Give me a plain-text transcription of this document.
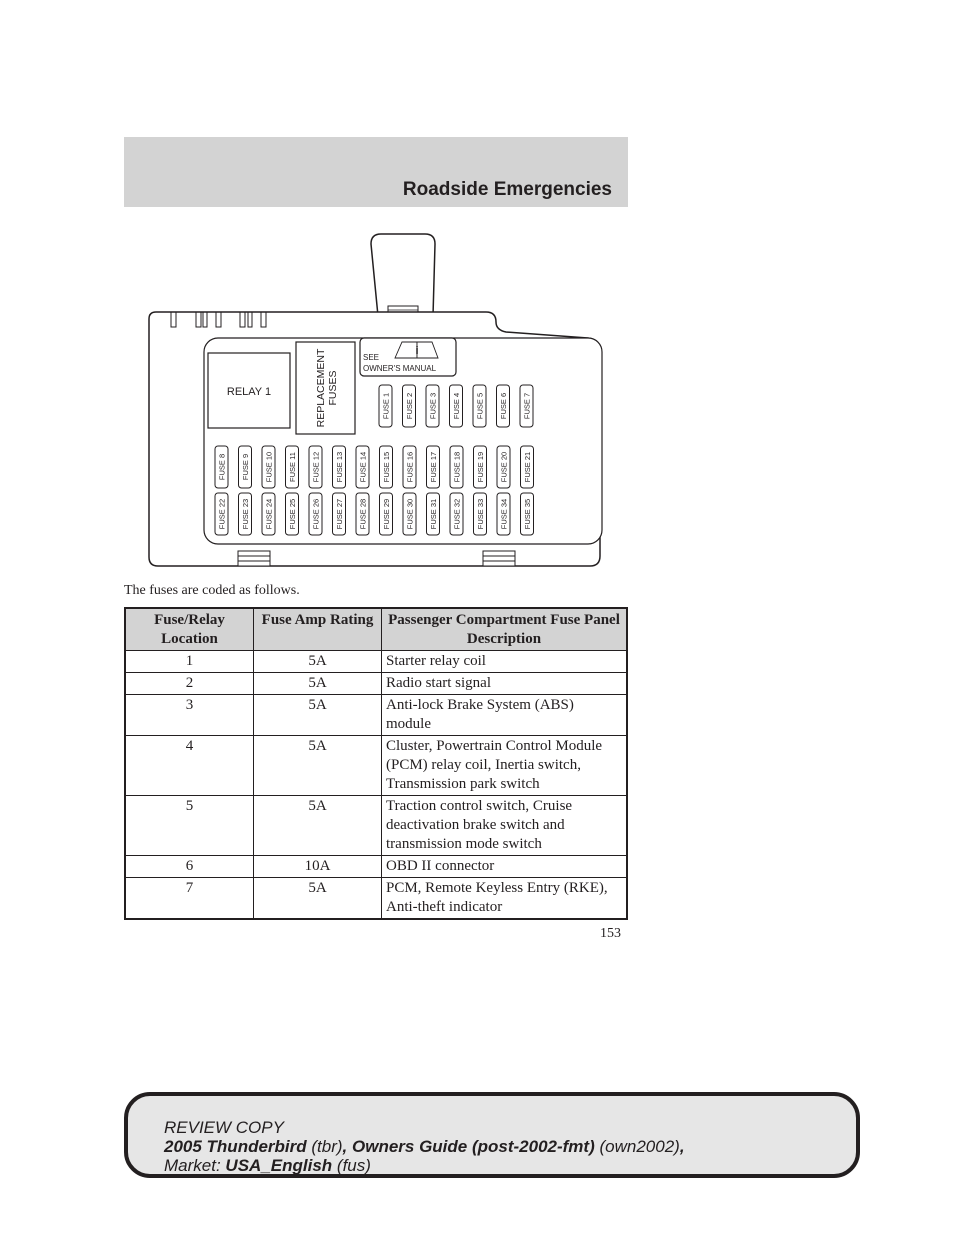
Roadside Emergencies
RELAY 1	REPLACEMENT FUSES
SEE
OWNER'S MANUAL
i
FUSE 1 FUSE 2 FUSE 3 FUSE 4 FUSE 5 FUSE 6 FUSE 7
FUSE 8 FUSE 9 FUSE 10 FUSE 11 FUSE 12 FUSE 13 FUSE 14 FUSE 15 FUSE 16 FUSE 17 FUSE 18 FUSE 19 FUSE 20 FUSE 21
FUSE 22 FUSE 23 FUSE 24 FUSE 25 FUSE 26 FUSE 27 FUSE 28 FUSE 29 FUSE 30 FUSE 31 FUSE 32 FUSE 33 FUSE 34 FUSE 35
The fuses are coded as follows.
Fuse/Relay Location	Fuse Amp Rating	Passenger Compartment Fuse Panel Description
1	5A	Starter relay coil
2	5A	Radio start signal
3	5A	Anti-lock Brake System (ABS) module
4	5A	Cluster, Powertrain Control Module (PCM) relay coil, Inertia switch, Transmission park switch
5	5A	Traction control switch, Cruise deactivation brake switch and transmission mode switch
6	10A	OBD II connector
7	5A	PCM, Remote Keyless Entry (RKE), Anti-theft indicator
153
REVIEW COPY
2005 Thunderbird (tbr), Owners Guide (post-2002-fmt) (own2002),
Market: USA_English (fus)
